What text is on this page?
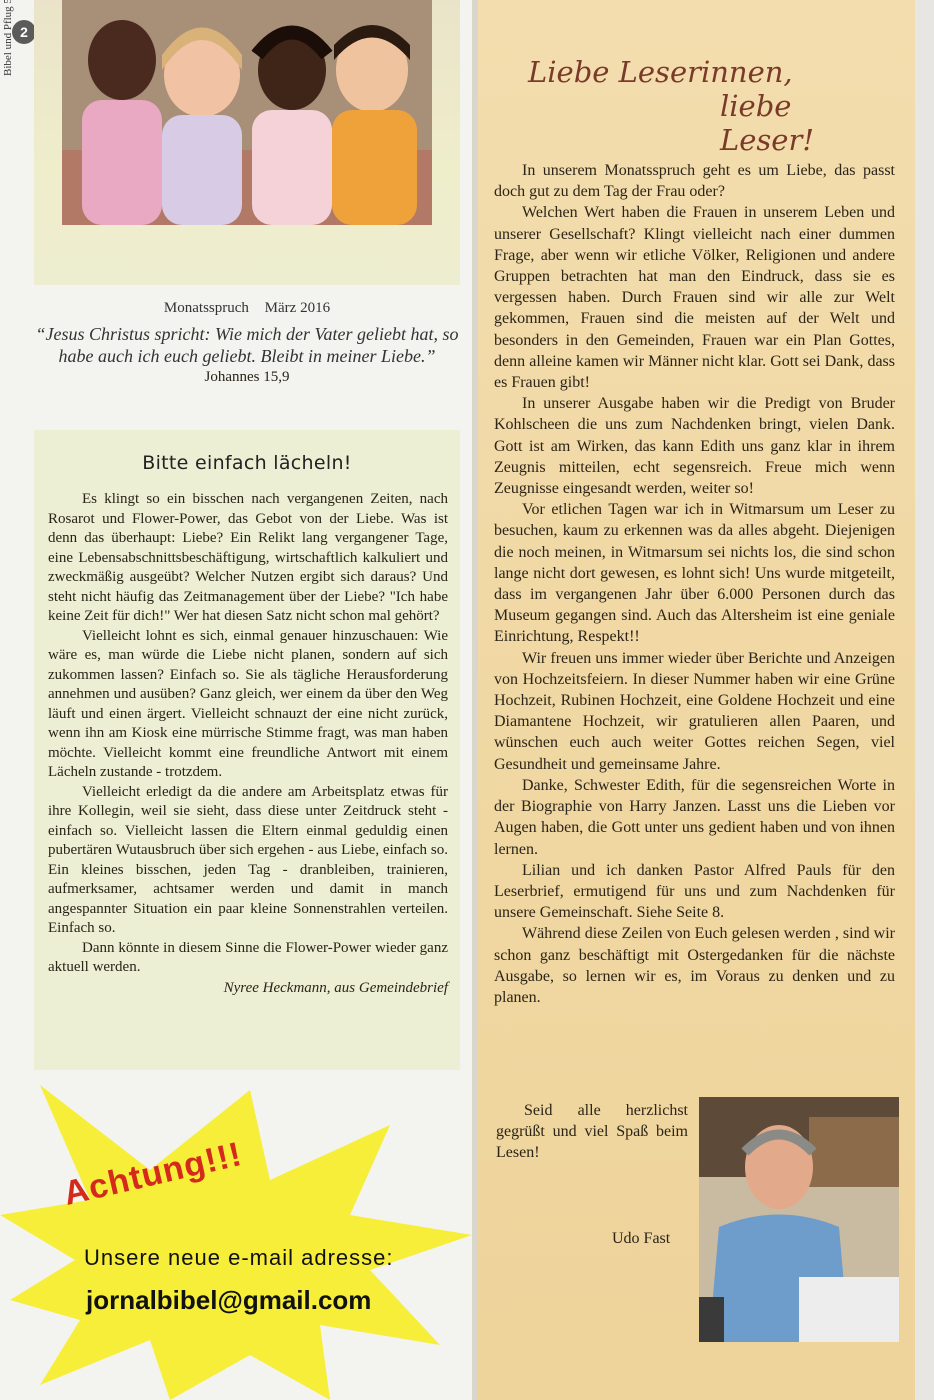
2
Monatsspruch März 2016
“Jesus Christus spricht: Wie mich der Vater geliebt hat, so habe auch ich euch geliebt. Bleibt in meiner Liebe.”
Johannes 15,9
Bitte einfach lächeln!

Es klingt so ein bisschen nach vergangenen Zeiten, nach Rosarot und Flower-Power, das Gebot von der Liebe. Was ist denn das überhaupt: Liebe? Ein Relikt lang vergangener Tage, eine Lebensabschnittsbeschäftigung, wirtschaftlich kalkuliert und zweckmäßig ausgeübt? Welcher Nutzen ergibt sich daraus? Und steht nicht häufig das Zeitmanagement über der Liebe? "Ich habe keine Zeit für dich!" Wer hat diesen Satz nicht schon mal gehört?

Vielleicht lohnt es sich, einmal genauer hinzuschauen: Wie wäre es, man würde die Liebe nicht planen, sondern auf sich zukommen lassen? Einfach so. Sie als tägliche Herausforderung annehmen und ausüben? Ganz gleich, wer einem da über den Weg läuft und einen ärgert. Vielleicht schnauzt der eine nicht zurück, wenn ihn am Kiosk eine mürrische Stimme fragt, was man haben möchte. Vielleicht kommt eine freundliche Antwort mit einem Lächeln zustande - trotzdem.

Vielleicht erledigt da die andere am Arbeitsplatz etwas für ihre Kollegin, weil sie sieht, dass diese unter Zeitdruck steht - einfach so. Vielleicht lassen die Eltern einmal geduldig einen pubertären Wutausbruch über sich ergehen - aus Liebe, einfach so. Ein kleines bisschen, jeden Tag - dranbleiben, trainieren, aufmerksamer, achtsamer werden und damit in manch angespannter Situation ein paar kleine Sonnenstrahlen verteilen. Einfach so.

Dann könnte in diesem Sinne die Flower-Power wieder ganz aktuell werden.

Nyree Heckmann, aus Gemeindebrief
Achtung!!!
Unsere neue e-mail adresse:
jornalbibel@gmail.com
Liebe Leserinnen,
liebe Leser!

In unserem Monatsspruch geht es um Liebe, das passt doch gut zu dem Tag der Frau oder?

Welchen Wert haben die Frauen in unserem Leben und unserer Gesellschaft? Klingt vielleicht nach einer dummen Frage, aber wenn wir etliche Völker, Religionen und andere Gruppen betrachten hat man den Eindruck, dass sie es vergessen haben. Durch Frauen sind wir alle zur Welt gekommen, Frauen sind die meisten auf der Welt und besonders in den Gemeinden, Frauen war ein Plan Gottes, denn alleine kamen wir Männer nicht klar. Gott sei Dank, dass es Frauen gibt!

In unserer Ausgabe haben wir die Predigt von Bruder Kohlscheen die uns zum Nachdenken bringt, vielen Dank. Gott ist am Wirken, das kann Edith uns ganz klar in ihrem Zeugnis mitteilen, echt segensreich. Freue mich wenn Zeugnisse eingesandt werden, weiter so!

Vor etlichen Tagen war ich in Witmarsum um Leser zu besuchen, kaum zu erkennen was da alles abgeht. Diejenigen die noch meinen, in Witmarsum sei nichts los, die sind schon lange nicht dort gewesen, es lohnt sich! Uns wurde mitgeteilt, dass im vergangenen Jahr über 6.000 Personen durch das Museum gegangen sind. Auch das Altersheim ist eine geniale Einrichtung, Respekt!!

Wir freuen uns immer wieder über Berichte und Anzeigen von Hochzeitsfeiern. In dieser Nummer haben wir eine Grüne Hochzeit, Rubinen Hochzeit, eine Goldene Hochzeit und eine Diamantene Hochzeit, wir gratulieren allen Paaren, und wünschen euch auch weiter Gottes reichen Segen, viel Gesundheit und gemeinsame Jahre.

Danke, Schwester Edith, für die segensreichen Worte in der Biographie von Harry Janzen. Lasst uns die Lieben vor Augen haben, die Gott unter uns gedient haben und von ihnen lernen.

Lilian und ich danken Pastor Alfred Pauls für den Leserbrief, ermutigend für uns und zum Nachdenken für unsere Gemeinschaft. Siehe Seite 8.

Während diese Zeilen von Euch gelesen werden , sind wir schon ganz beschäftigt mit Ostergedanken für die nächste Ausgabe, so lernen wir es, im Voraus zu denken und zu planen.

Seid alle herzlichst gegrüßt und viel Spaß beim Lesen!
Udo Fast
